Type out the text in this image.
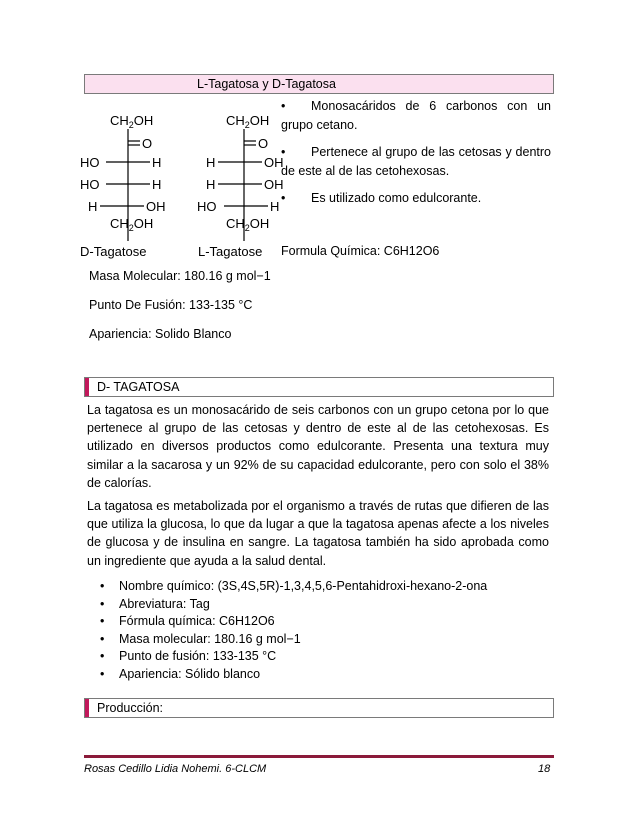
L-Tagatosa y D-Tagatosa
$CH_2OH$
O
HO	H
HO	H
H	OH
$CH_2OH$
D-Tagatose
$CH_2OH$
O
H	OH
H	OH
HO	H
$CH_2OH$
L-Tagatose

• Monosacáridos de 6 carbonos con un grupo cetano.

• Pertenece al grupo de las cetosas y dentro de este al de las cetohexosas.

• Es utilizado como edulcorante.

Formula Química: C6H12O6
Masa Molecular: 180.16 g mol−1
Punto De Fusión: 133-135 °C
Apariencia: Solido Blanco
D- TAGATOSA

La tagatosa es un monosacárido de seis carbonos con un grupo cetona por lo que pertenece al grupo de las cetosas y dentro de este al de las cetohexosas. Es utilizado en diversos productos como edulcorante. Presenta una textura muy similar a la sacarosa y un 92% de su capacidad edulcorante, pero con solo el 38% de calorías.

La tagatosa es metabolizada por el organismo a través de rutas que difieren de las que utiliza la glucosa, lo que da lugar a que la tagatosa apenas afecte a los niveles de glucosa y de insulina en sangre. La tagatosa también ha sido aprobada como un ingrediente que ayuda a la salud dental.

• Nombre químico: (3S,4S,5R)-1,3,4,5,6-Pentahidroxi-hexano-2-ona
• Abreviatura: Tag
• Fórmula química: C6H12O6
• Masa molecular: 180.16 g mol−1
• Punto de fusión: 133-135 °C
• Apariencia: Sólido blanco
Producción:
Rosas Cedillo Lidia Nohemi. 6-CLCM	18
